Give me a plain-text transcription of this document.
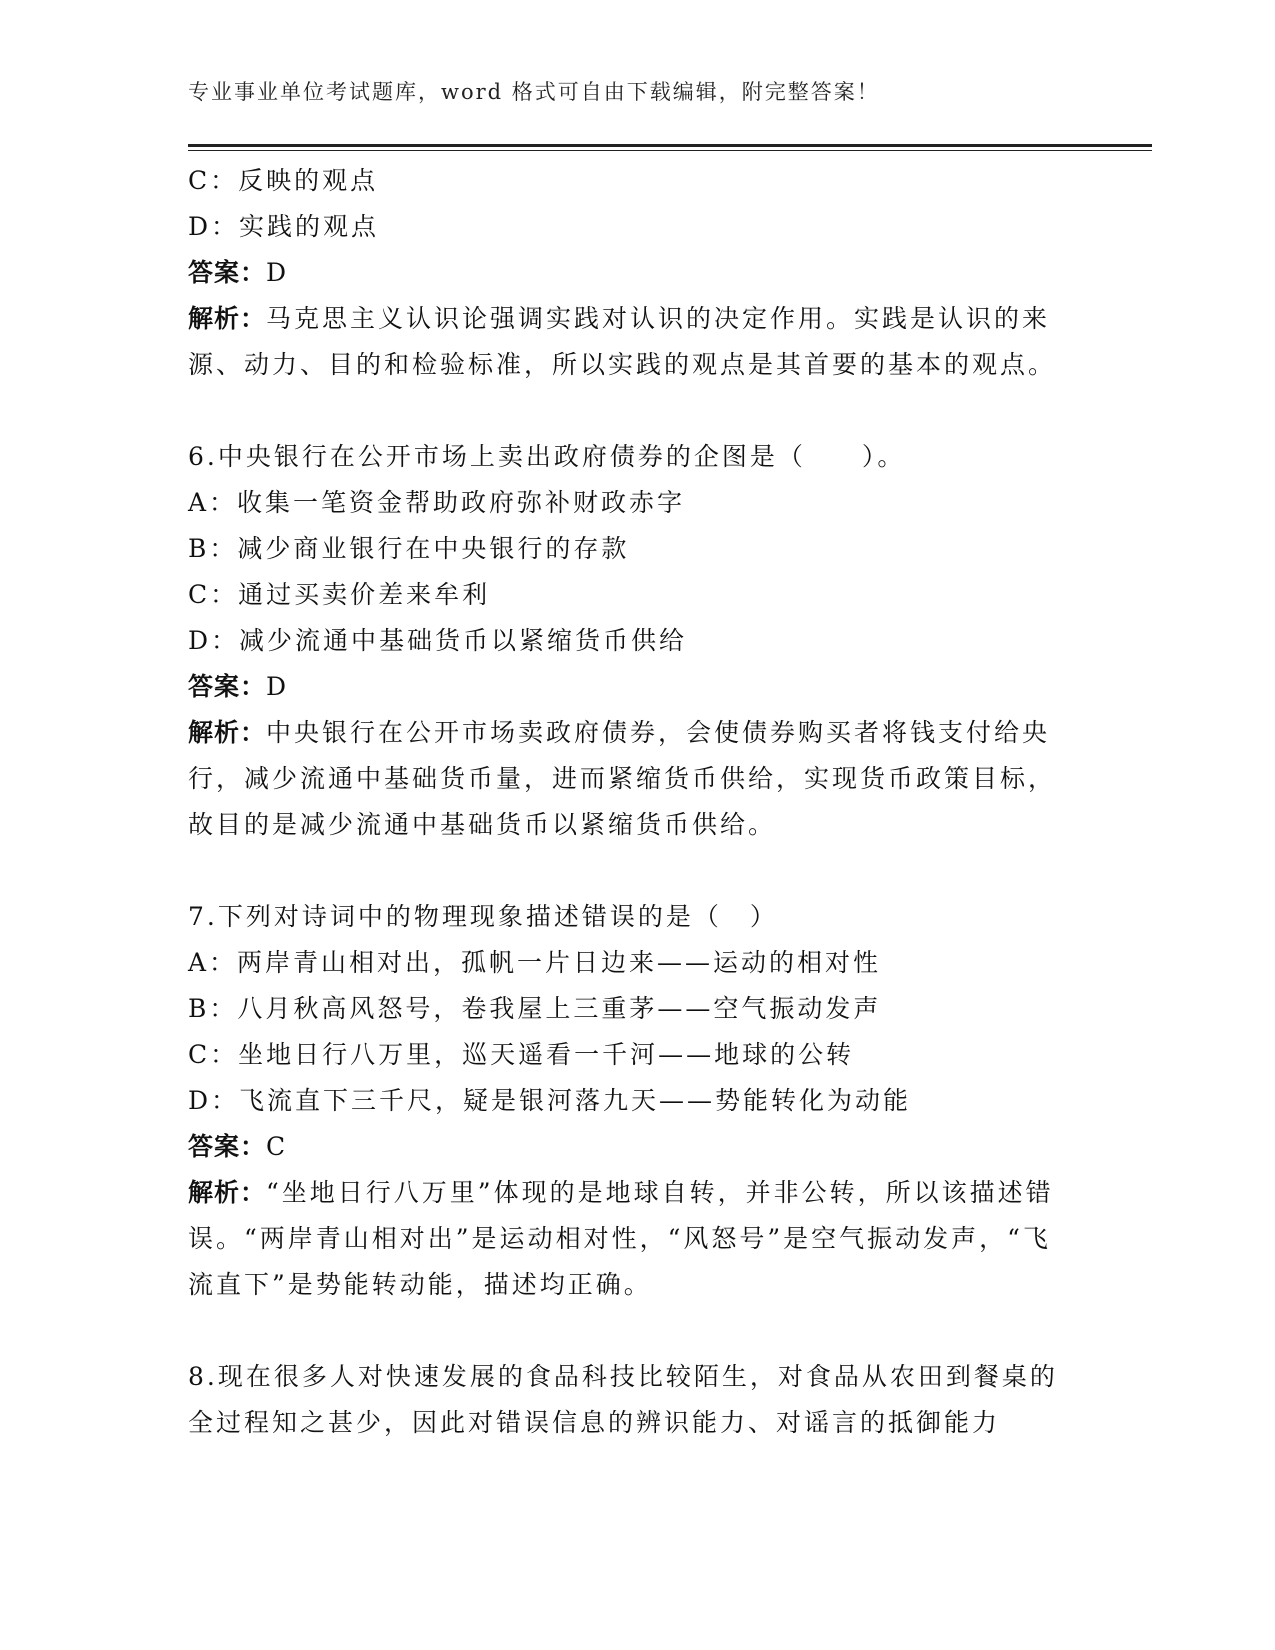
专业事业单位考试题库，word 格式可自由下载编辑，附完整答案！
C：反映的观点
D：实践的观点
答案：D
解析：马克思主义认识论强调实践对认识的决定作用。实践是认识的来源、动力、目的和检验标准，所以实践的观点是其首要的基本的观点。
6.中央银行在公开市场上卖出政府债券的企图是（　　）。
A：收集一笔资金帮助政府弥补财政赤字
B：减少商业银行在中央银行的存款
C：通过买卖价差来牟利
D：减少流通中基础货币以紧缩货币供给
答案：D
解析：中央银行在公开市场卖政府债券，会使债券购买者将钱支付给央行，减少流通中基础货币量，进而紧缩货币供给，实现货币政策目标，故目的是减少流通中基础货币以紧缩货币供给。
7.下列对诗词中的物理现象描述错误的是（　）
A：两岸青山相对出，孤帆一片日边来——运动的相对性
B：八月秋高风怒号，卷我屋上三重茅——空气振动发声
C：坐地日行八万里，巡天遥看一千河——地球的公转
D：飞流直下三千尺，疑是银河落九天——势能转化为动能
答案：C
解析：“坐地日行八万里”体现的是地球自转，并非公转，所以该描述错误。“两岸青山相对出”是运动相对性，“风怒号”是空气振动发声，“飞流直下”是势能转动能，描述均正确。
8.现在很多人对快速发展的食品科技比较陌生，对食品从农田到餐桌的全过程知之甚少，因此对错误信息的辨识能力、对谣言的抵御能力
